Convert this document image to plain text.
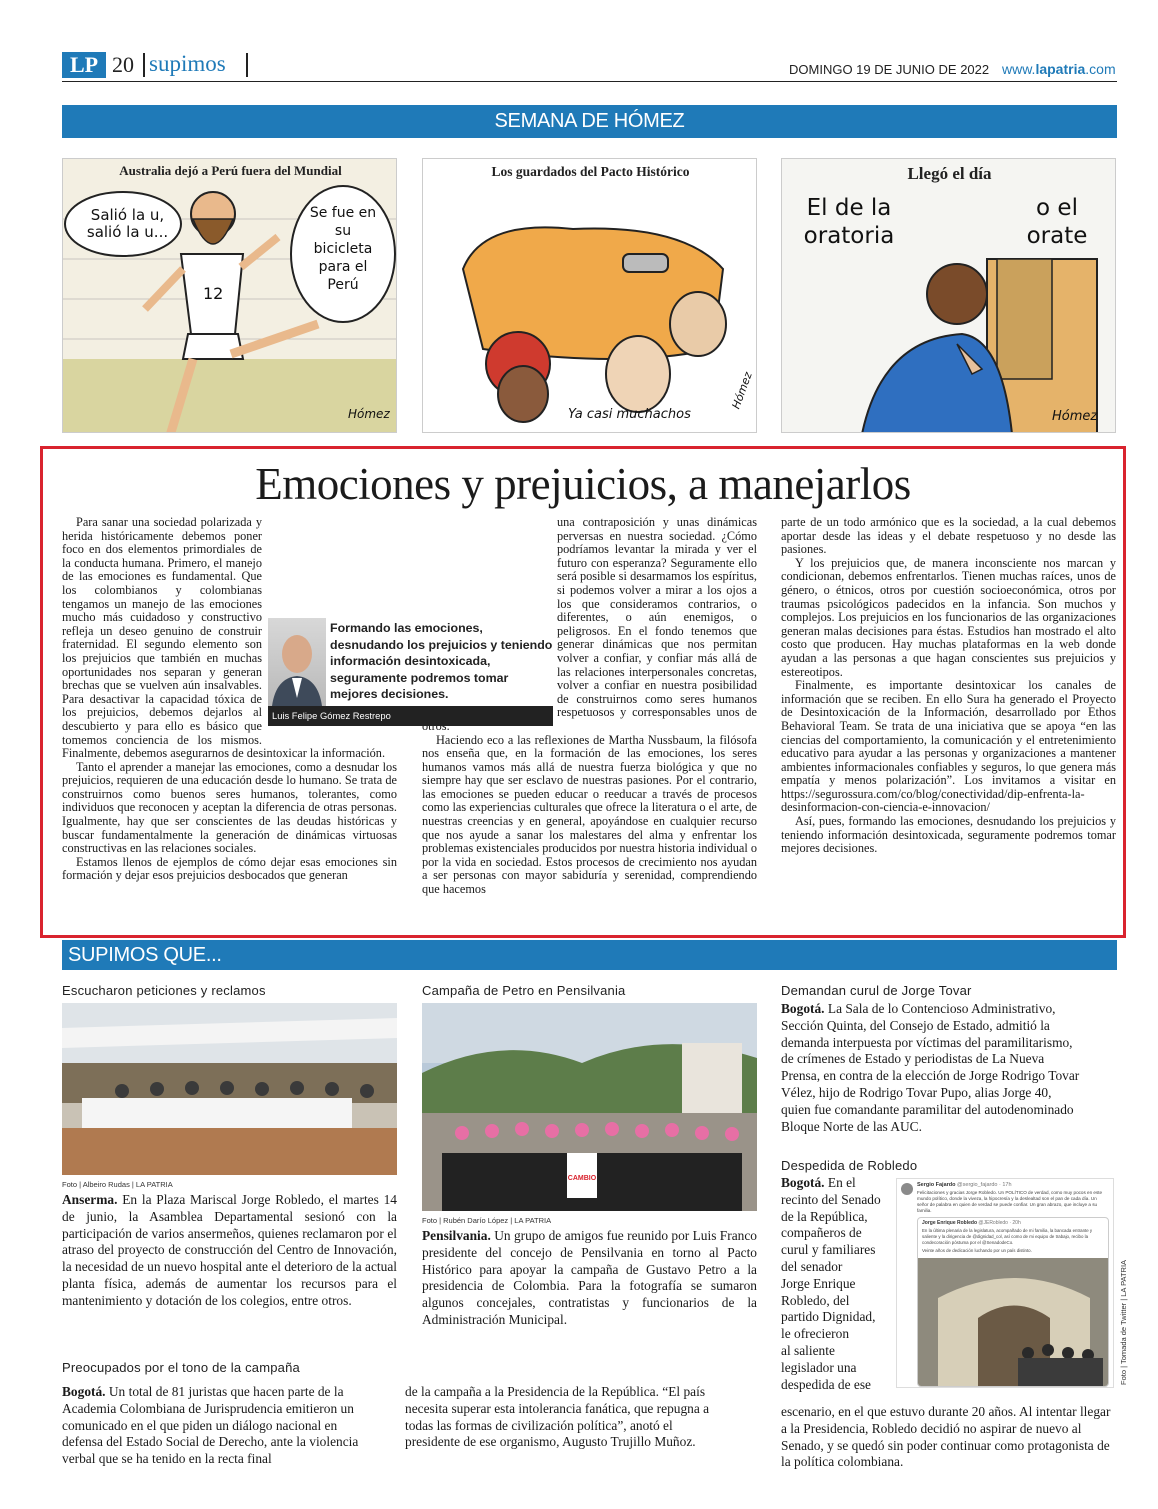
LP 20 supimos	DOMINGO 19 DE JUNIO DE 2022 www.lapatria.com
SEMANA DE HÓMEZ
Australia dejó a Perú fuera del Mundial
Salió la u, salió la u...
Se fue en su bicicleta para el Perú
12
Hómez
Los guardados del Pacto Histórico
Ya casi muchachos
Hómez
Llegó el día
El de la oratoria
o el orate
Hómez
Emociones y prejuicios, a manejarlos

Para sanar una sociedad polarizada y herida históricamente debemos poner foco en dos elementos primordiales de la conducta humana. Primero, el manejo de las emociones es fundamental. Que los colombianos y colombianas tengamos un manejo de las emociones mucho más cuidadoso y constructivo refleja un deseo genuino de construir fraternidad. El segundo elemento son los prejuicios que también en muchas oportunidades nos separan y generan brechas que se vuelven aún insalvables. Para desactivar la capacidad tóxica de los prejuicios, debemos dejarlos al descubierto y para ello es básico que tomemos conciencia de los mismos. Finalmente, debemos asegurarnos de desintoxicar la información.

Tanto el aprender a manejar las emociones, como a desnudar los prejuicios, requieren de una educación desde lo humano. Se trata de construirnos como buenos seres humanos, tolerantes, como individuos que reconocen y aceptan la diferencia de otras personas. Igualmente, hay que ser conscientes de las deudas históricas y buscar fundamentalmente la generación de dinámicas virtuosas constructivas en las relaciones sociales.

Estamos llenos de ejemplos de cómo dejar esas emociones sin formación y dejar esos prejuicios desbocados que generan

una contraposición y unas dinámicas perversas en nuestra sociedad. ¿Cómo podríamos levantar la mirada y ver el futuro con esperanza? Seguramente ello será posible si desarmamos los espíritus, si podemos volver a mirar a los ojos a los que consideramos contrarios, o diferentes, o aún enemigos, o peligrosos. En el fondo tenemos que generar dinámicas que nos permitan volver a confiar, y confiar más allá de las relaciones interpersonales concretas, volver a confiar en nuestra posibilidad de construirnos como seres humanos respetuosos y corresponsables unos de

Haciendo eco a las reflexiones de Martha Nussbaum, la filósofa nos enseña que, en la formación de las emociones, los seres humanos vamos más allá de nuestra fuerza biológica y que no siempre hay que ser esclavo de nuestras pasiones. Por el contrario, las emociones se pueden educar o reeducar a través de procesos como las experiencias culturales que ofrece la literatura o el arte, de nuestras creencias y en general, apoyándose en cualquier recurso que nos ayude a sanar los malestares del alma y enfrentar los problemas existenciales producidos por nuestra historia individual o por la vida en sociedad. Estos procesos de crecimiento nos ayudan a ser personas con mayor sabiduría y serenidad, comprendiendo que hacemos

parte de un todo armónico que es la sociedad, a la cual debemos aportar desde las ideas y el debate respetuoso y no desde las pasiones.

Y los prejuicios que, de manera inconsciente nos marcan y condicionan, debemos enfrentarlos. Tienen muchas raíces, unos de género, o étnicos, otros por cuestión socioeconómica, otros por traumas psicológicos padecidos en la infancia. Son muchos y complejos. Los prejuicios en los funcionarios de las organizaciones generan malas decisiones para éstas. Estudios han mostrado el alto costo que producen. Hay muchas plataformas en la web donde ayudan a las personas a que hagan conscientes sus prejuicios y estereotipos.

Finalmente, es importante desintoxicar los canales de información que se reciben. En ello Sura ha generado el Proyecto de Desintoxicación de la Información, desarrollado por Ethos Behavioral Team. Se trata de una iniciativa que se apoya “en las ciencias del comportamiento, la comunicación y el entretenimiento educativo para ayudar a las personas y organizaciones a mantener ambientes informacionales confiables y seguros, lo que genera más empatía y menos polarización”. Los invitamos a visitar en https://segurossura.com/co/blog/conectividad/dip-enfrenta-la-desinformacion-con-ciencia-e-innovacion/

Así, pues, formando las emociones, desnudando los prejuicios y teniendo información desintoxicada, seguramente podremos tomar mejores decisiones.

Formando las emociones, desnudando los prejuicios y teniendo información desintoxicada, seguramente podremos tomar mejores decisiones.
Luis Felipe Gómez Restrepo
SUPIMOS QUE...
Escucharon peticiones y reclamos
Foto | Albeiro Rudas | LA PATRIA
Anserma. En la Plaza Mariscal Jorge Robledo, el martes 14 de junio, la Asamblea Departamental sesionó con la participación de varios ansermeños, quienes reclamaron por el atraso del proyecto de construcción del Centro de Innovación, la necesidad de un nuevo hospital ante el deterioro de la actual planta física, además de aumentar los recursos para el mantenimiento y dotación de los colegios, entre otros.
Campaña de Petro en Pensilvania
CAMBIO
Foto | Rubén Darío López | LA PATRIA
Pensilvania. Un grupo de amigos fue reunido por Luis Franco presidente del concejo de Pensilvania en torno al Pacto Histórico para apoyar la campaña de Gustavo Petro a la presidencia de Colombia. Para la fotografía se sumaron algunos concejales, contratistas y funcionarios de la Administración Municipal.
Demandan curul de Jorge Tovar
Bogotá. La Sala de lo Contencioso Administrativo, Sección Quinta, del Consejo de Estado, admitió la demanda interpuesta por víctimas del paramilitarismo, de crímenes de Estado y periodistas de La Nueva Prensa, en contra de la elección de Jorge Rodrigo Tovar Vélez, hijo de Rodrigo Tovar Pupo, alias Jorge 40, quien fue comandante paramilitar del autodenominado Bloque Norte de las AUC.
Despedida de Robledo
Bogotá. En el
recinto del Senado
de la República,
compañeros de
curul y familiares
del senador
Jorge Enrique
Robledo, del
partido Dignidad,
le ofrecieron
al saliente
legislador una
despedida de ese
escenario, en el que estuvo durante 20 años. Al intentar llegar a la Presidencia, Robledo decidió no aspirar de nuevo al Senado, y se quedó sin poder continuar como protagonista de la política colombiana.
Sergio Fajardo @sergio_fajardo · 17h
Felicitaciones y gracias Jorge Robledo. Un POLÍTICO de verdad, como muy pocos en este mundo político, donde la viveza, la hipocresía y la deslealtad son el pan de cada día. Un señor de palabra en quien de verdad se puede confiar. Un gran abrazo, que incluye a su familia.
Jorge Enrique Robledo @JERobledo · 20h
En la última plenaria de la legislatura, acompañado de mi familia, la bancada entrante y saliente y la dirigencia de @dignidad_col, así como de mi equipo de trabajo, recibo la condecoración póstuma por el @SenadodeCo.
Veinte años de dedicación luchando por un país distinto.
Foto | Tomada de Twitter | LA PATRIA
Preocupados por el tono de la campaña
Bogotá. Un total de 81 juristas que hacen parte de la Academia Colombiana de Jurisprudencia emitieron un comunicado en el que piden un diálogo nacional en defensa del Estado Social de Derecho, ante la violencia verbal que se ha tenido en la recta final
de la campaña a la Presidencia de la República. “El país necesita superar esta intolerancia fanática, que repugna a todas las formas de civilización política”, anotó el presidente de ese organismo, Augusto Trujillo Muñoz.
